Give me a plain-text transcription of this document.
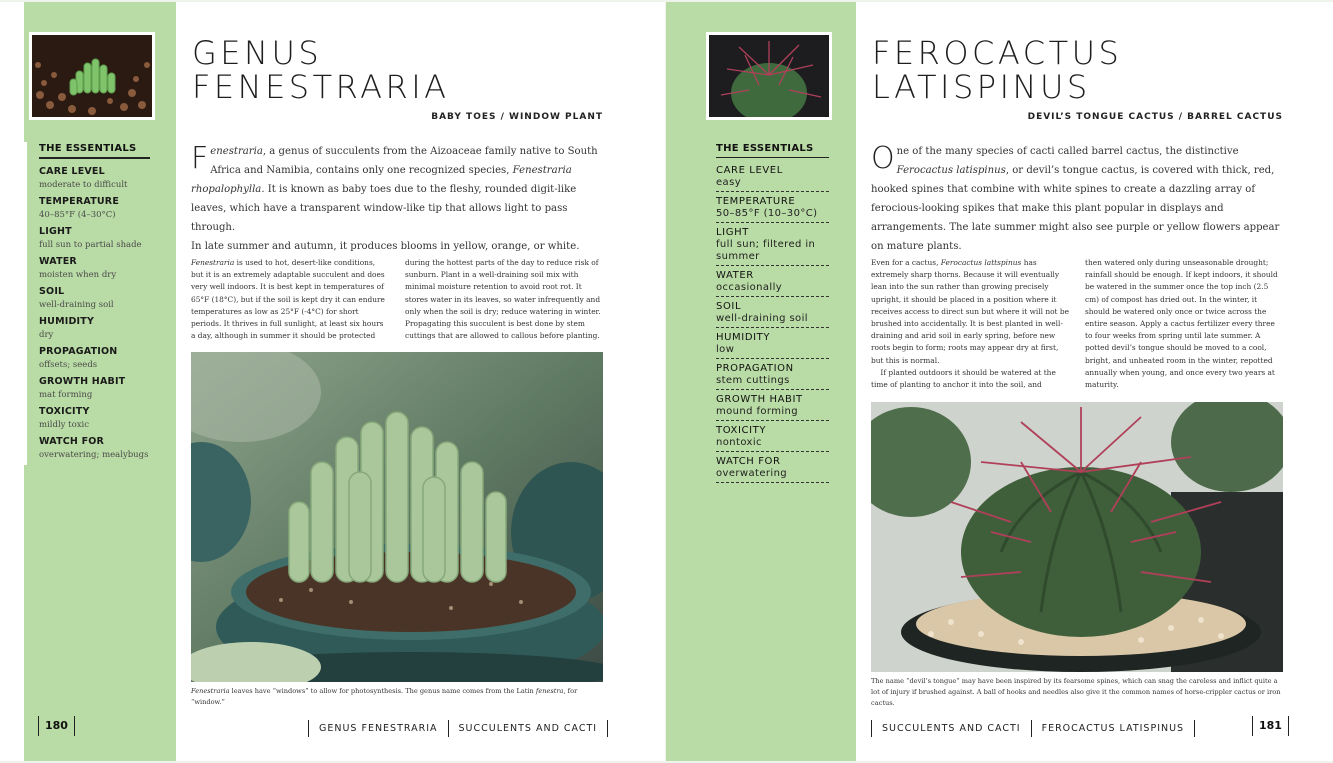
THE ESSENTIALS
CARE LEVEL
moderate to difficult
TEMPERATURE
40–85°F (4–30°C)
LIGHT
full sun to partial shade
WATER
moisten when dry
SOIL
well-draining soil
HUMIDITY
dry
PROPAGATION
offsets; seeds
GROWTH HABIT
mat forming
TOXICITY
mildly toxic
WATCH FOR
overwatering; mealybugs
180
GENUS
FENESTRARIA
BABY TOES / WINDOW PLANT
F enestraria, a genus of succulents from the Aizoaceae family native to South Africa and Namibia, contains only one recognized species, Fenestraria rhopalophylla. It is known as baby toes due to the fleshy, rounded digit-like leaves, which have a transparent window-like tip that allows light to pass through.
In late summer and autumn, it produces blooms in yellow, orange, or white.
Fenestraria is used to hot, desert-like conditions, but it is an extremely adaptable succulent and does very well indoors. It is best kept in temperatures of 65°F (18°C), but if the soil is kept dry it can endure temperatures as low as 25°F (-4°C) for short periods. It thrives in full sunlight, at least six hours a day, although in summer it should be protected
during the hottest parts of the day to reduce risk of sunburn. Plant in a well-draining soil mix with minimal moisture retention to avoid root rot. It stores water in its leaves, so water infrequently and only when the soil is dry; reduce watering in winter. Propagating this succulent is best done by stem cuttings that are allowed to callous before planting.
Fenestraria leaves have “windows” to allow for photosynthesis. The genus name comes from the Latin fenestra, for “window.”
GENUS FENESTRARIA	SUCCULENTS AND CACTI
THE ESSENTIALS
CARE LEVEL
easy
TEMPERATURE
50–85°F (10–30°C)
LIGHT
full sun; filtered in summer
WATER
occasionally
SOIL
well-draining soil
HUMIDITY
low
PROPAGATION
stem cuttings
GROWTH HABIT
mound forming
TOXICITY
nontoxic
WATCH FOR
overwatering
FEROCACTUS
LATISPINUS
DEVIL’S TONGUE CACTUS / BARREL CACTUS
O ne of the many species of cacti called barrel cactus, the distinctive Ferocactus latispinus, or devil’s tongue cactus, is covered with thick, red, hooked spines that combine with white spines to create a dazzling array of ferocious-looking spikes that make this plant popular in displays and arrangements. The late summer might also see purple or yellow flowers appear on mature plants.
Even for a cactus, Ferocactus lattspinus has extremely sharp thorns. Because it will eventually lean into the sun rather than growing precisely upright, it should be placed in a position where it receives access to direct sun but where it will not be brushed into accidentally. It is best planted in well-draining and arid soil in early spring, before new roots begin to form; roots may appear dry at first, but this is normal.
If planted outdoors it should be watered at the time of planting to anchor it into the soil, and
then watered only during unseasonable drought; rainfall should be enough. If kept indoors, it should be watered in the summer once the top inch (2.5 cm) of compost has dried out. In the winter, it should be watered only once or twice across the entire season. Apply a cactus fertilizer every three to four weeks from spring until late summer. A potted devil’s tongue should be moved to a cool, bright, and unheated room in the winter, repotted annually when young, and once every two years at maturity.
The name “devil’s tongue” may have been inspired by its fearsome spines, which can snag the careless and inflict quite a lot of injury if brushed against. A ball of hooks and needles also give it the common names of horse-crippler cactus or iron cactus.
SUCCULENTS AND CACTI	FEROCACTUS LATISPINUS	181
